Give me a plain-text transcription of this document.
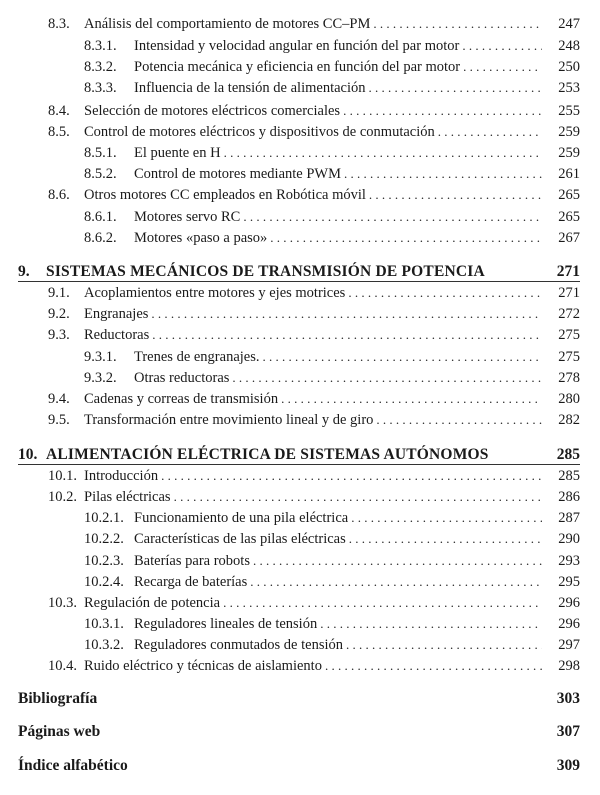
8.3. Análisis del comportamiento de motores CC–PM . . .	247
8.3.1. Intensidad y velocidad angular en función del par motor . . .	248
8.3.2. Potencia mecánica y eficiencia en función del par motor . . .	250
8.3.3. Influencia de la tensión de alimentación . . .	253
8.4. Selección de motores eléctricos comerciales . . .	255
8.5. Control de motores eléctricos y dispositivos de conmutación . . .	259
8.5.1. El puente en H . . .	259
8.5.2. Control de motores mediante PWM . . .	261
8.6. Otros motores CC empleados en Robótica móvil . . .	265
8.6.1. Motores servo RC . . .	265
8.6.2. Motores «paso a paso» . . .	267
9. SISTEMAS MECÁNICOS DE TRANSMISIÓN DE POTENCIA	271
9.1. Acoplamientos entre motores y ejes motrices . . .	271
9.2. Engranajes . . .	272
9.3. Reductoras . . .	275
9.3.1. Trenes de engranajes. . . .	275
9.3.2. Otras reductoras . . .	278
9.4. Cadenas y correas de transmisión . . .	280
9.5. Transformación entre movimiento lineal y de giro . . .	282
10. ALIMENTACIÓN ELÉCTRICA DE SISTEMAS AUTÓNOMOS	285
10.1. Introducción . . .	285
10.2. Pilas eléctricas . . .	286
10.2.1. Funcionamiento de una pila eléctrica . . .	287
10.2.2. Características de las pilas eléctricas . . .	290
10.2.3. Baterías para robots . . .	293
10.2.4. Recarga de baterías . . .	295
10.3. Regulación de potencia . . .	296
10.3.1. Reguladores lineales de tensión . . .	296
10.3.2. Reguladores conmutados de tensión . . .	297
10.4. Ruido eléctrico y técnicas de aislamiento . . .	298
Bibliografía	303
Páginas web	307
Índice alfabético	309
